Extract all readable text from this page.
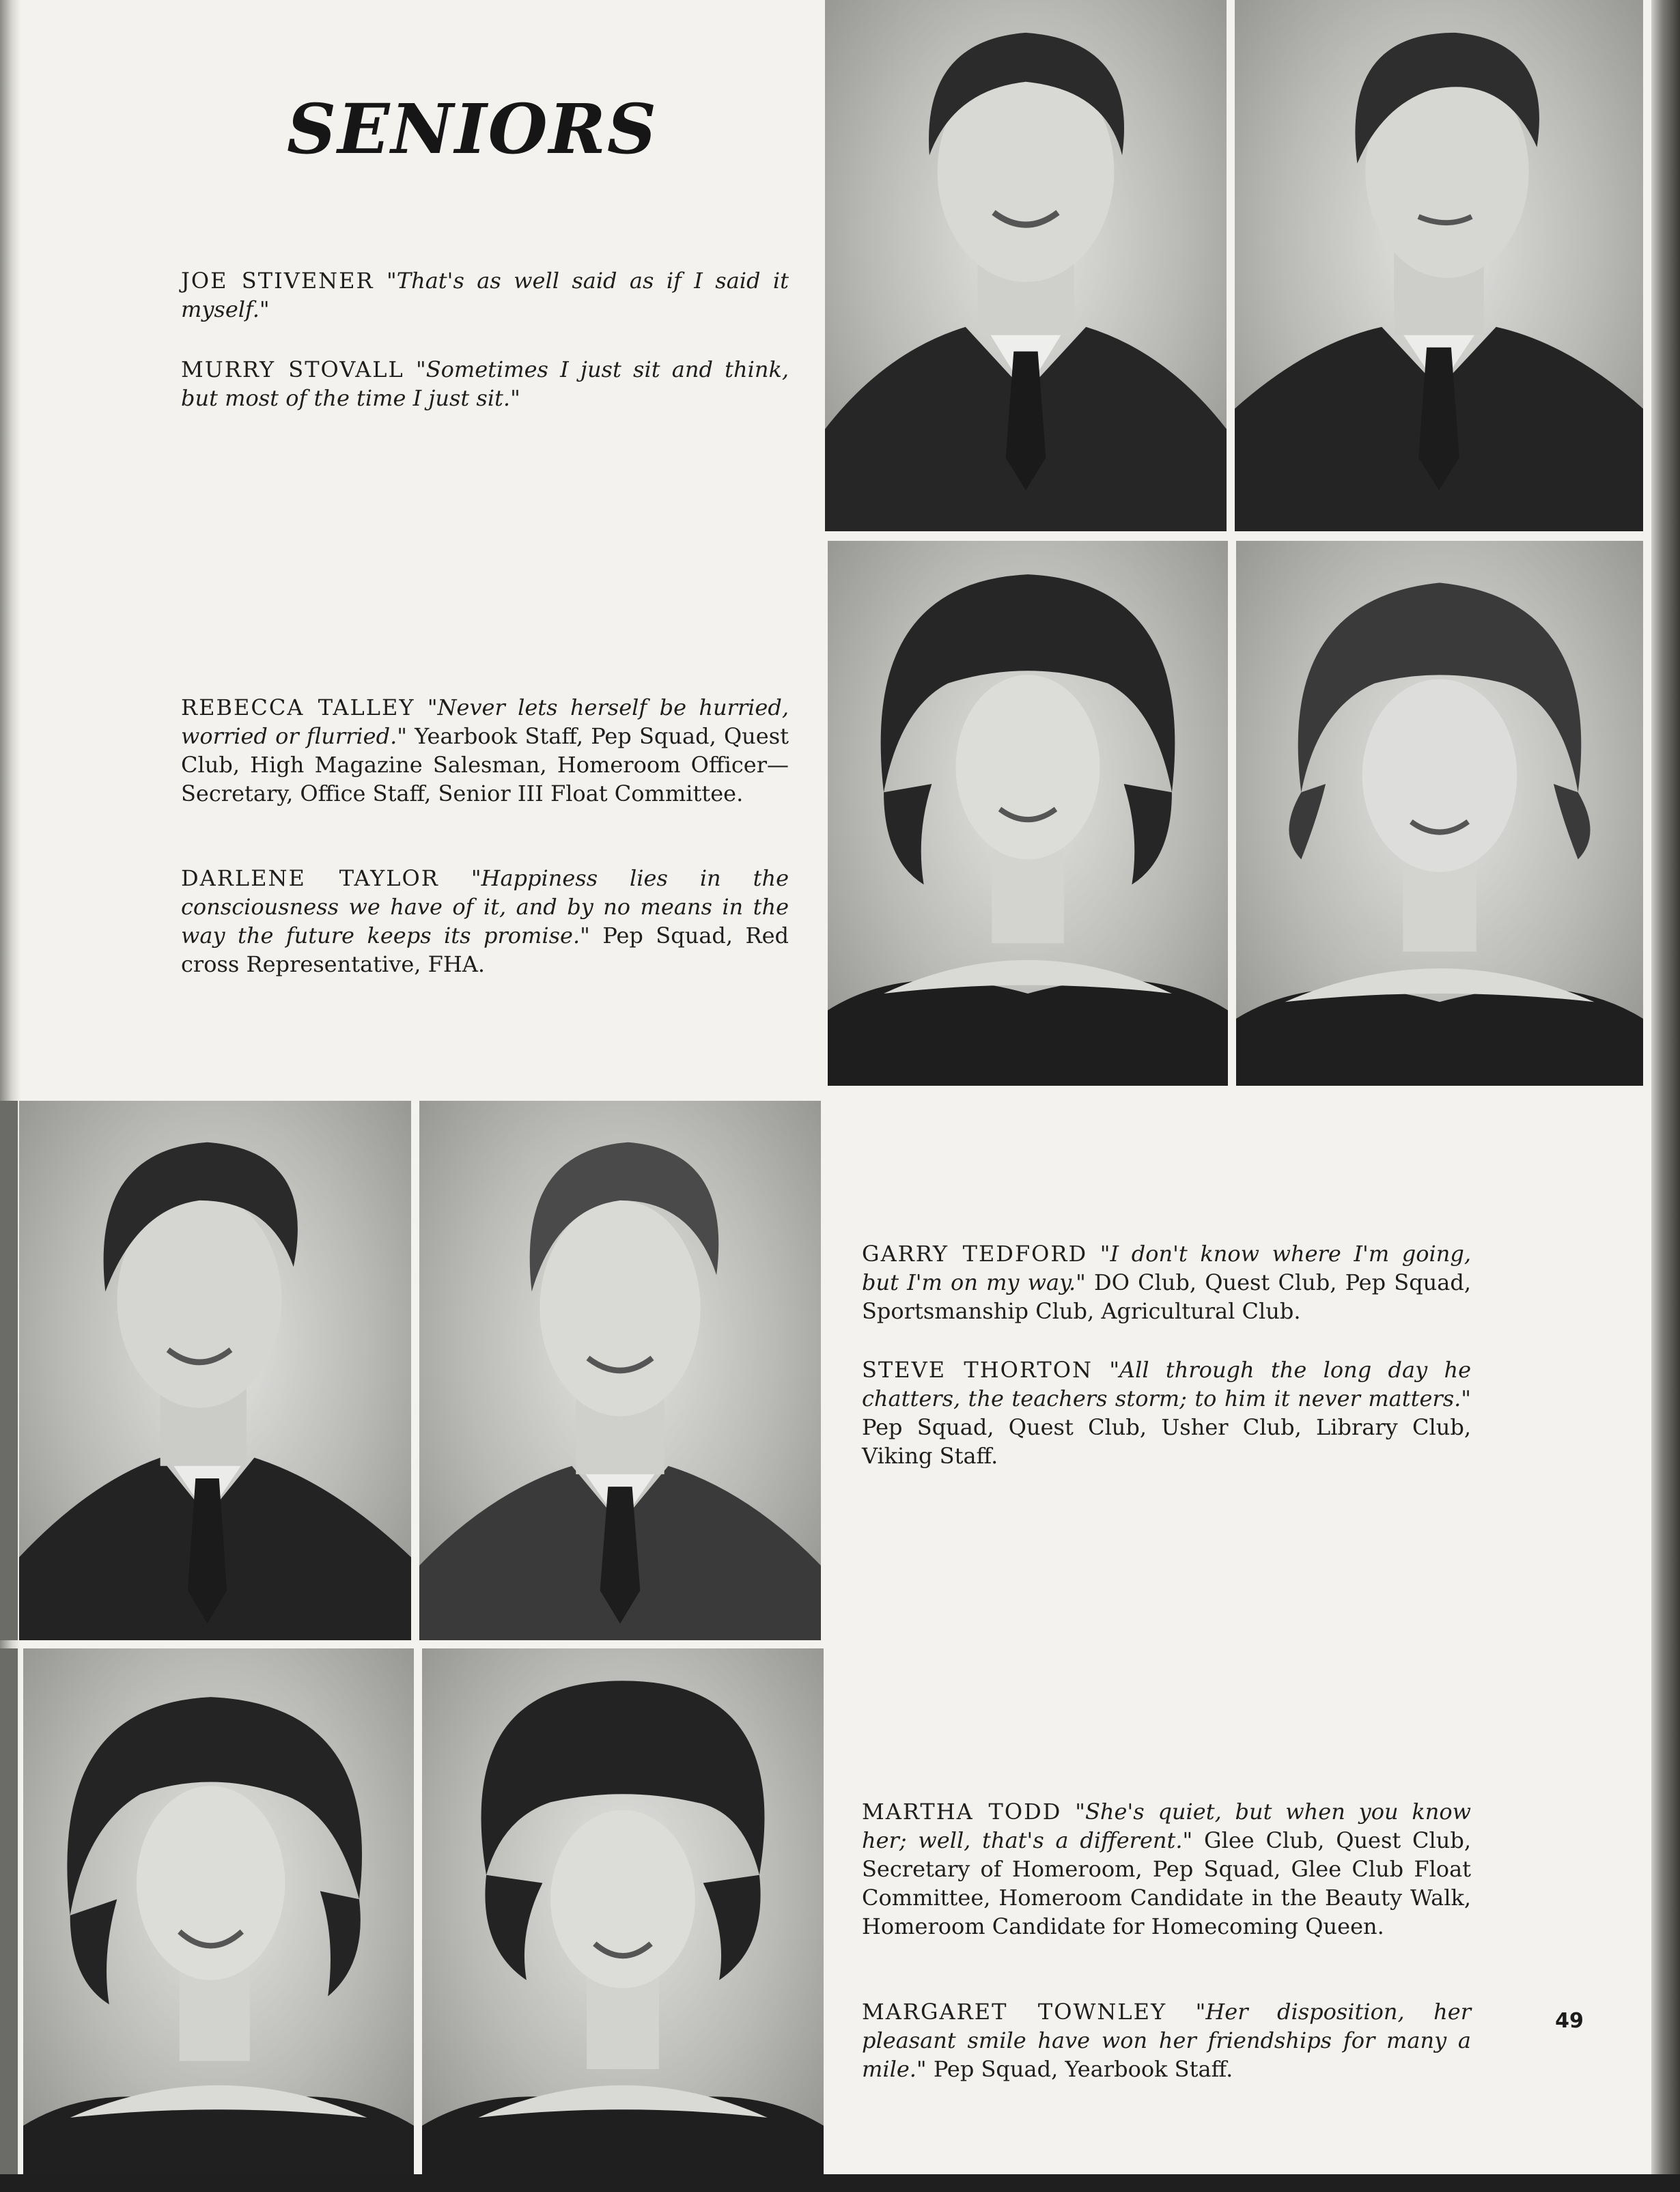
SENIORS

JOE STIVENER "That's as well said as if I said it myself."

MURRY STOVALL "Sometimes I just sit and think, but most of the time I just sit."

REBECCA TALLEY "Never lets herself be hurried, worried or flurried." Yearbook Staff, Pep Squad, Quest Club, High Magazine Salesman, Homeroom Officer—Secretary, Office Staff, Senior III Float Committee.

DARLENE TAYLOR "Happiness lies in the consciousness we have of it, and by no means in the way the future keeps its promise." Pep Squad, Red cross Representative, FHA.

GARRY TEDFORD "I don't know where I'm going, but I'm on my way." DO Club, Quest Club, Pep Squad, Sportsmanship Club, Agricultural Club.

STEVE THORTON "All through the long day he chatters, the teachers storm; to him it never matters." Pep Squad, Quest Club, Usher Club, Library Club, Viking Staff.

MARTHA TODD "She's quiet, but when you know her; well, that's a different." Glee Club, Quest Club, Secretary of Homeroom, Pep Squad, Glee Club Float Committee, Homeroom Candidate in the Beauty Walk, Homeroom Candidate for Homecoming Queen.

MARGARET TOWNLEY "Her disposition, her pleasant smile have won her friendships for many a mile." Pep Squad, Yearbook Staff.

49
